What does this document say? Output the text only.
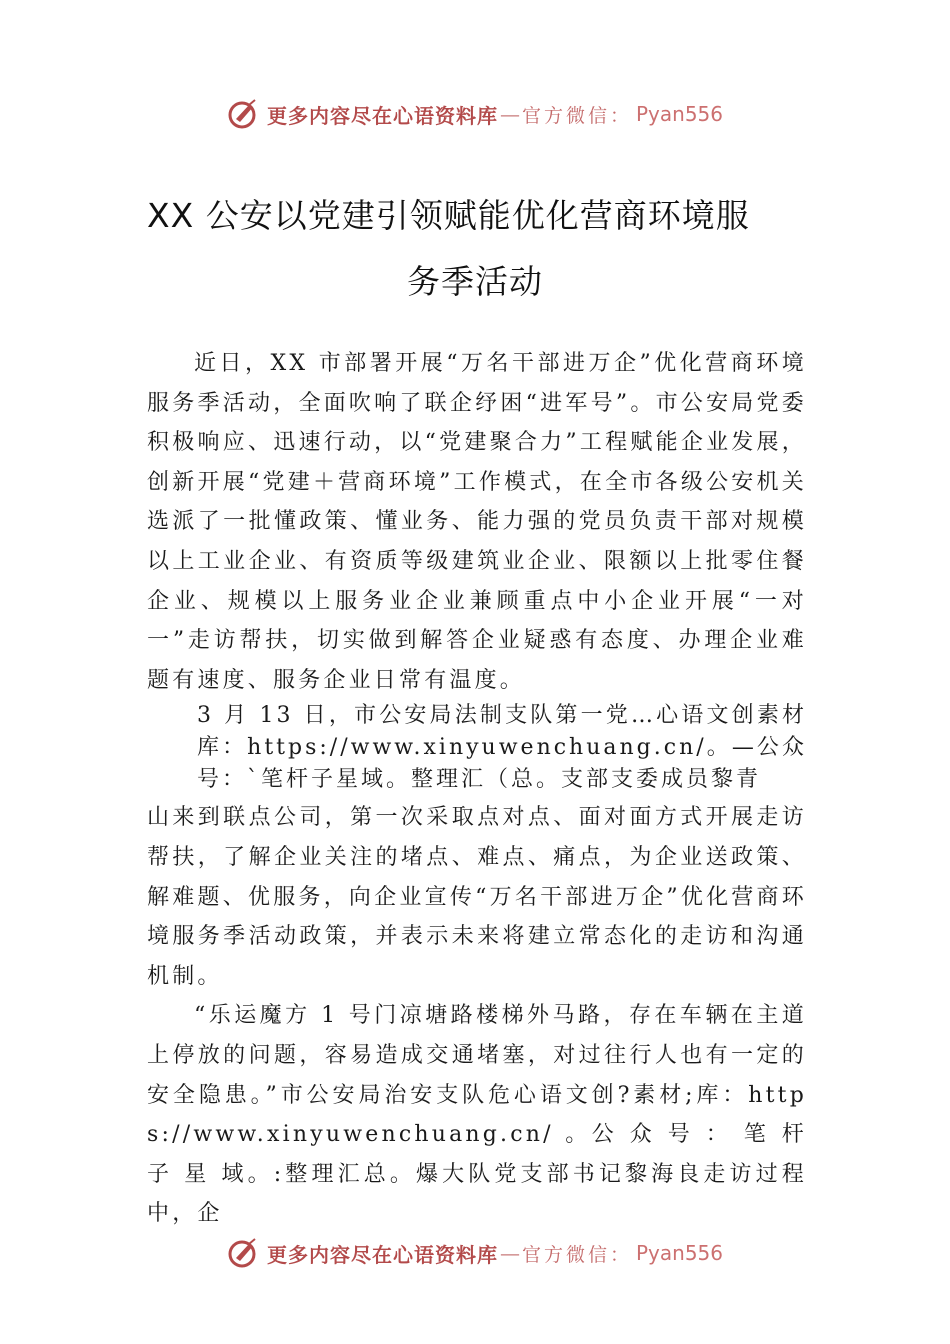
更多内容尽在心语资料库 — 官方微信： Pyan556
XX 公安以党建引领赋能优化营商环境服
务季活动

近日，XX 市部署开展“万名干部进万企”优化营商环境服务季活动，全面吹响了联企纾困“进军号”。市公安局党委积极响应、迅速行动，以“党建聚合力”工程赋能企业发展，创新开展“党建＋营商环境”工作模式，在全市各级公安机关选派了一批懂政策、懂业务、能力强的党员负责干部对规模以上工业企业、有资质等级建筑业企业、限额以上批零住餐企业、规模以上服务业企业兼顾重点中小企业开展“一对一”走访帮扶，切实做到解答企业疑惑有态度、办理企业难题有速度、服务企业日常有温度。

3 月 13 日，市公安局法制支队第一党…心语文创素材库：https://www.xinyuwenchuang.cn/。—公众号：`笔杆子星域。整理汇（总。支部支委成员黎青

山来到联点公司，第一次采取点对点、面对面方式开展走访帮扶，了解企业关注的堵点、难点、痛点，为企业送政策、 解难题、优服务，向企业宣传“万名干部进万企”优化营商环境服务季活动政策，并表示未来将建立常态化的走访和沟通机制。

“乐运魔方 1 号门凉塘路楼梯外马路，存在车辆在主道上停放的问题，容易造成交通堵塞，对过往行人也有一定的安全隐患。”市公安局治安支队危心语文创?素材;库：https://www.xinyuwenchuang.cn/ 。公 众 号 ： 笔 杆 子 星 域。:整理汇总。爆大队党支部书记黎海良走访过程中，企

更多内容尽在心语资料库 — 官方微信： Pyan556
